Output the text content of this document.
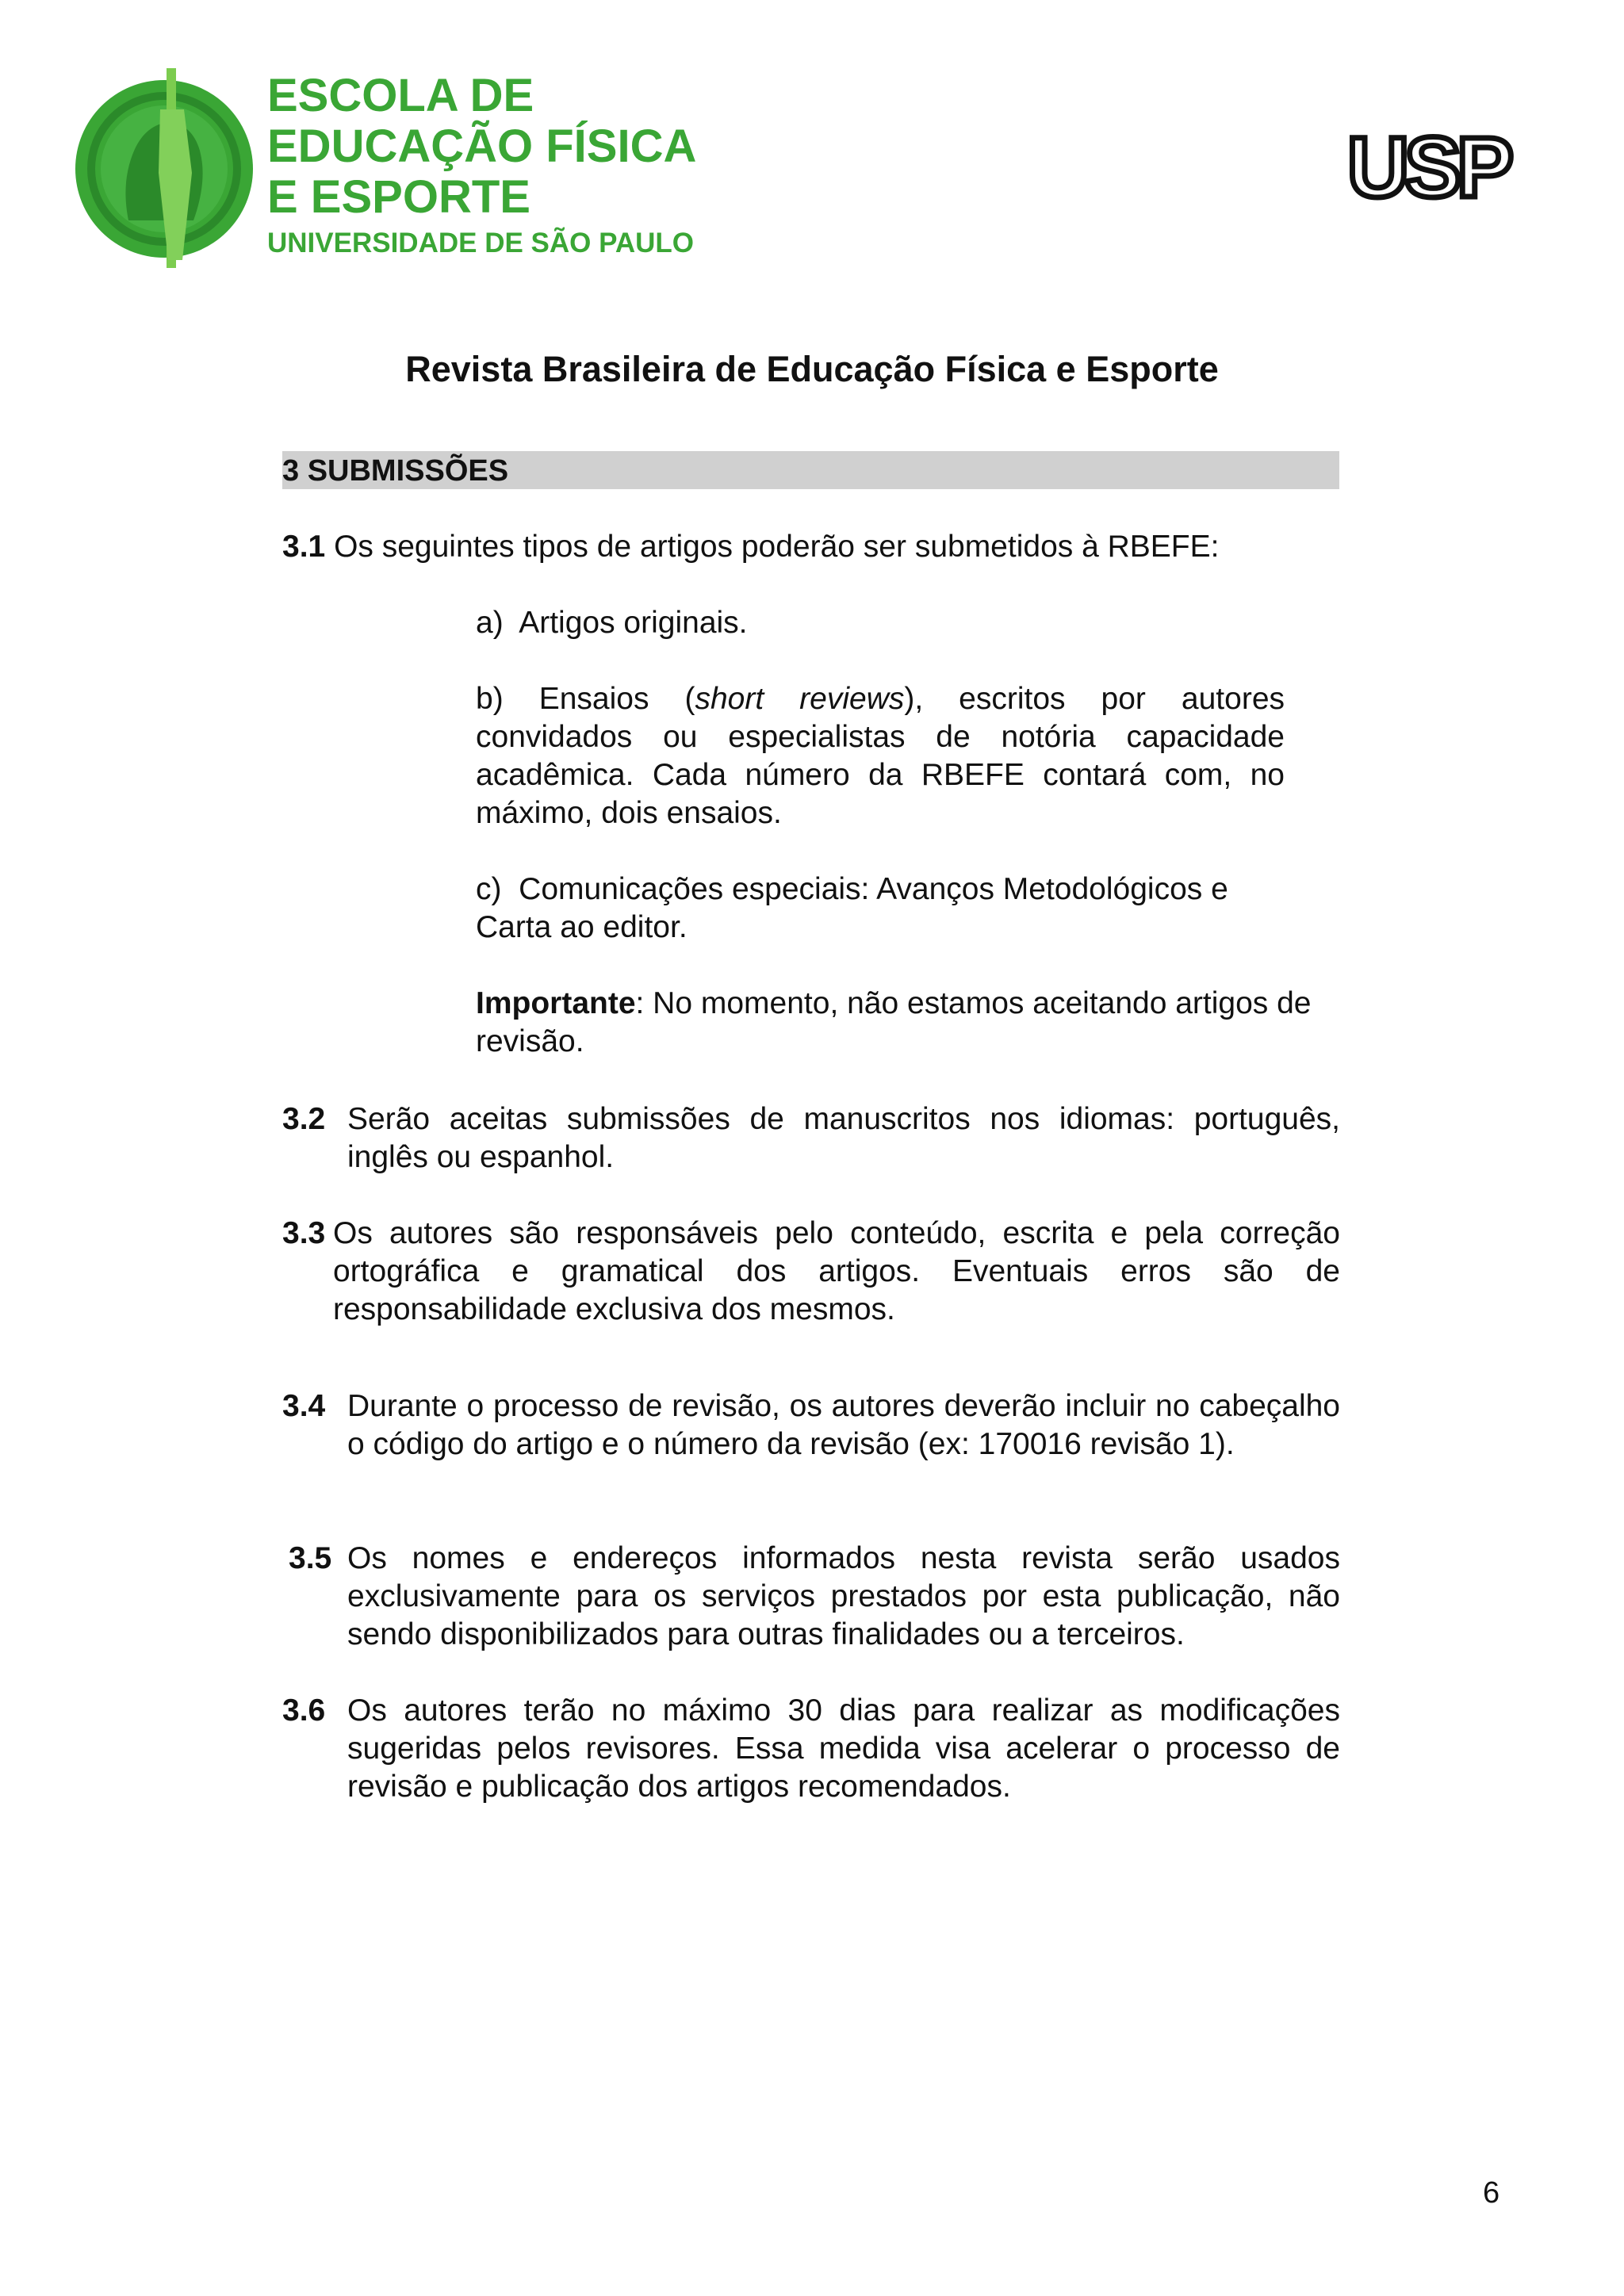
ESCOLA DE
EDUCAÇÃO FÍSICA
E ESPORTE
UNIVERSIDADE DE SÃO PAULO
USP
Revista Brasileira de Educação Física e Esporte
3 SUBMISSÕES

3.1 Os seguintes tipos de artigos poderão ser submetidos à RBEFE:

a) Artigos originais.

b) Ensaios (short reviews), escritos por autores convidados ou especialistas de notória capacidade acadêmica. Cada número da RBEFE contará com, no máximo, dois ensaios.

c) Comunicações especiais: Avanços Metodológicos e Carta ao editor.

Importante: No momento, não estamos aceitando artigos de revisão.

3.2 Serão aceitas submissões de manuscritos nos idiomas: português, inglês ou espanhol.

3.3 Os autores são responsáveis pelo conteúdo, escrita e pela correção ortográfica e gramatical dos artigos. Eventuais erros são de responsabilidade exclusiva dos mesmos.

3.4 Durante o processo de revisão, os autores deverão incluir no cabeçalho o código do artigo e o número da revisão (ex: 170016 revisão 1).

3.5 Os nomes e endereços informados nesta revista serão usados exclusivamente para os serviços prestados por esta publicação, não sendo disponibilizados para outras finalidades ou a terceiros.

3.6 Os autores terão no máximo 30 dias para realizar as modificações sugeridas pelos revisores. Essa medida visa acelerar o processo de revisão e publicação dos artigos recomendados.

6
